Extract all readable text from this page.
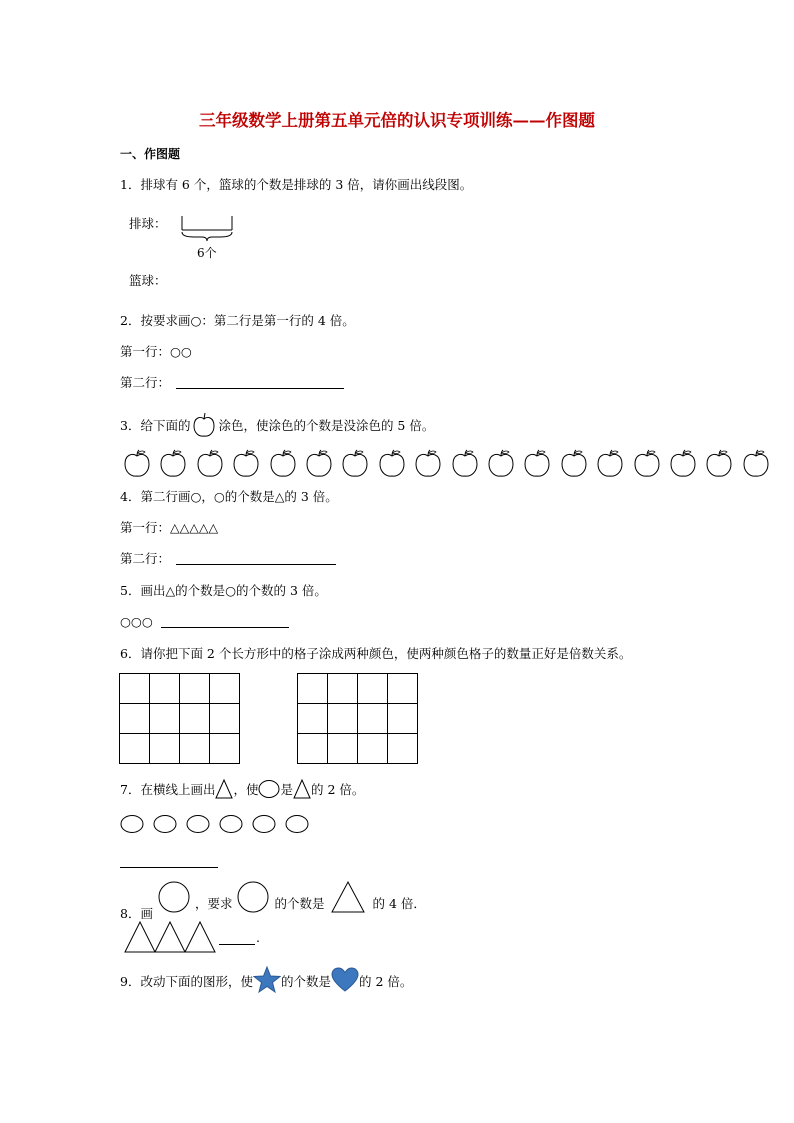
三年级数学上册第五单元倍的认识专项训练——作图题
一、作图题
1．排球有 6 个，篮球的个数是排球的 3 倍，请你画出线段图。
排球：
6个
篮球：
2．按要求画○：第二行是第一行的 4 倍。
第一行：○○
第二行：
3．给下面的 涂色，使涂色的个数是没涂色的 5 倍。
4．第二行画○，○的个数是△的 3 倍。
第一行：△△△△△
第二行：
5．画出△的个数是○的个数的 3 倍。
○○○
6．请你把下面 2 个长方形中的格子涂成两种颜色，使两种颜色格子的数量正好是倍数关系。

7．在横线上画出 ，使 是 的 2 倍。
8．画，要求	的个数是	的 4 倍．
.
9．改动下面的图形，使 的个数是 的 2 倍。
